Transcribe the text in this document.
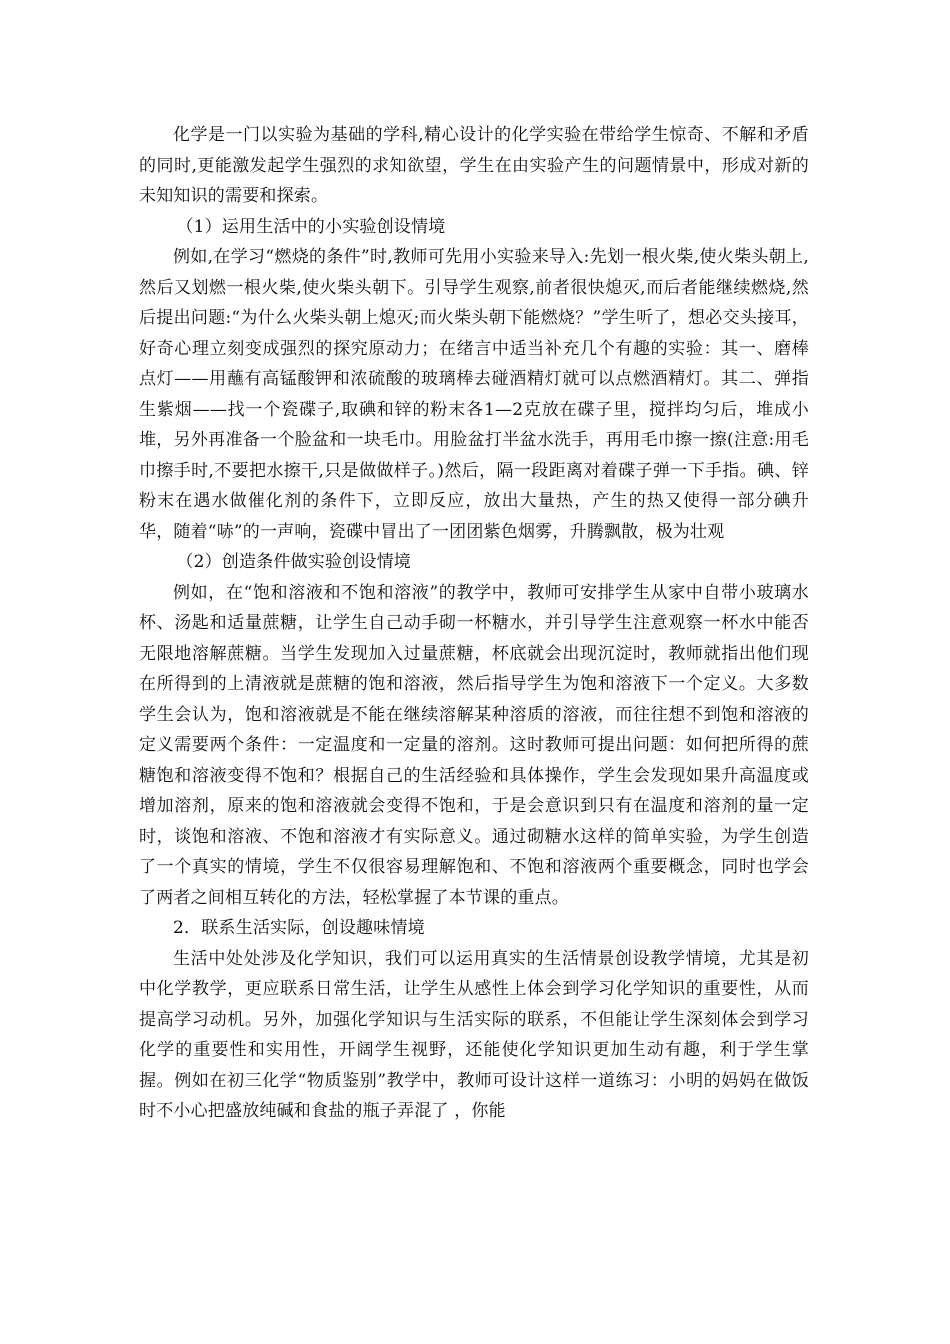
化学是一门以实验为基础的学科,精心设计的化学实验在带给学生惊奇、不解和矛盾的同时,更能激发起学生强烈的求知欲望，学生在由实验产生的问题情景中，形成对新的未知知识的需要和探索。

（1）运用生活中的小实验创设情境

例如,在学习“燃烧的条件”时,教师可先用小实验来导入:先划一根火柴,使火柴头朝上,然后又划燃一根火柴,使火柴头朝下。引导学生观察,前者很快熄灭,而后者能继续燃烧,然后提出问题:“为什么火柴头朝上熄灭;而火柴头朝下能燃烧？”学生听了，想必交头接耳，好奇心理立刻变成强烈的探究原动力；在绪言中适当补充几个有趣的实验：其一、磨棒点灯——用蘸有高锰酸钾和浓硫酸的玻璃棒去碰酒精灯就可以点燃酒精灯。其二、弹指生紫烟——找一个瓷碟子,取碘和锌的粉末各1—2克放在碟子里，搅拌均匀后，堆成小堆，另外再准备一个脸盆和一块毛巾。用脸盆打半盆水洗手，再用毛巾擦一擦(注意:用毛巾擦手时,不要把水擦干,只是做做样子。)然后，隔一段距离对着碟子弹一下手指。碘、锌粉末在遇水做催化剂的条件下，立即反应，放出大量热，产生的热又使得一部分碘升华，随着“哧”的一声响，瓷碟中冒出了一团团紫色烟雾，升腾飘散，极为壮观

（2）创造条件做实验创设情境

例如，在“饱和溶液和不饱和溶液”的教学中，教师可安排学生从家中自带小玻璃水杯、汤匙和适量蔗糖，让学生自己动手砌一杯糖水，并引导学生注意观察一杯水中能否无限地溶解蔗糖。当学生发现加入过量蔗糖，杯底就会出现沉淀时，教师就指出他们现在所得到的上清液就是蔗糖的饱和溶液，然后指导学生为饱和溶液下一个定义。大多数学生会认为，饱和溶液就是不能在继续溶解某种溶质的溶液，而往往想不到饱和溶液的定义需要两个条件：一定温度和一定量的溶剂。这时教师可提出问题：如何把所得的蔗糖饱和溶液变得不饱和？根据自己的生活经验和具体操作，学生会发现如果升高温度或增加溶剂，原来的饱和溶液就会变得不饱和，于是会意识到只有在温度和溶剂的量一定时，谈饱和溶液、不饱和溶液才有实际意义。通过砌糖水这样的简单实验，为学生创造了一个真实的情境，学生不仅很容易理解饱和、不饱和溶液两个重要概念，同时也学会了两者之间相互转化的方法，轻松掌握了本节课的重点。

2．联系生活实际，创设趣味情境

生活中处处涉及化学知识，我们可以运用真实的生活情景创设教学情境，尤其是初中化学教学，更应联系日常生活，让学生从感性上体会到学习化学知识的重要性，从而提高学习动机。另外，加强化学知识与生活实际的联系，不但能让学生深刻体会到学习化学的重要性和实用性，开阔学生视野，还能使化学知识更加生动有趣，利于学生掌握。例如在初三化学“物质鉴别”教学中，教师可设计这样一道练习：小明的妈妈在做饭时不小心把盛放纯碱和食盐的瓶子弄混了 ，你能
